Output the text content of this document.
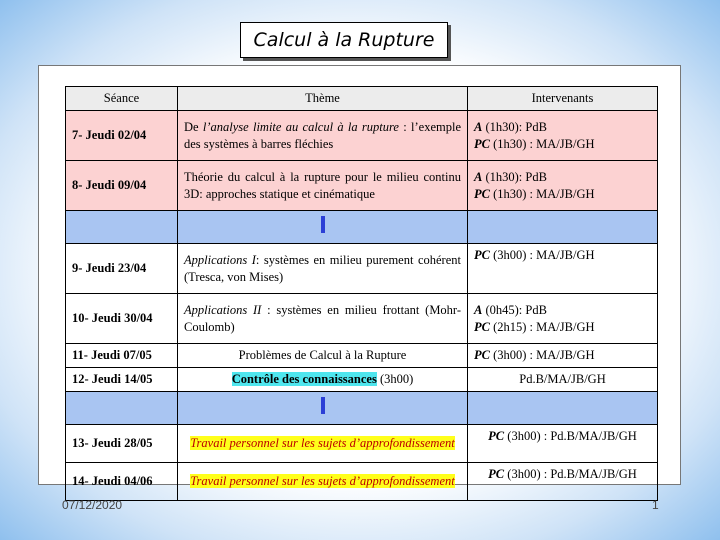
Calcul à la Rupture
Séance	Thème	Intervenants
7- Jeudi 02/04	De l’analyse limite au calcul à la rupture : l’exemple des systèmes à barres fléchies	A (1h30): PdB
PC (1h30) : MA/JB/GH
8- Jeudi 09/04	Théorie du calcul à la rupture pour le milieu continu 3D: approches statique et cinématique	A (1h30): PdB
PC (1h30) : MA/JB/GH

9- Jeudi 23/04	Applications I: systèmes en milieu purement cohérent (Tresca, von Mises)	PC (3h00) : MA/JB/GH
10- Jeudi 30/04	Applications II : systèmes en milieu frottant (Mohr-Coulomb)	A (0h45): PdB
PC (2h15) : MA/JB/GH
11- Jeudi 07/05	Problèmes de Calcul à la Rupture	PC (3h00) : MA/JB/GH
12- Jeudi 14/05	Contrôle des connaissances (3h00)	Pd.B/MA/JB/GH

13- Jeudi 28/05	Travail personnel sur les sujets d’approfondissement	PC (3h00) : Pd.B/MA/JB/GH
14- Jeudi 04/06	Travail personnel sur les sujets d’approfondissement	PC (3h00) : Pd.B/MA/JB/GH
07/12/2020	1
